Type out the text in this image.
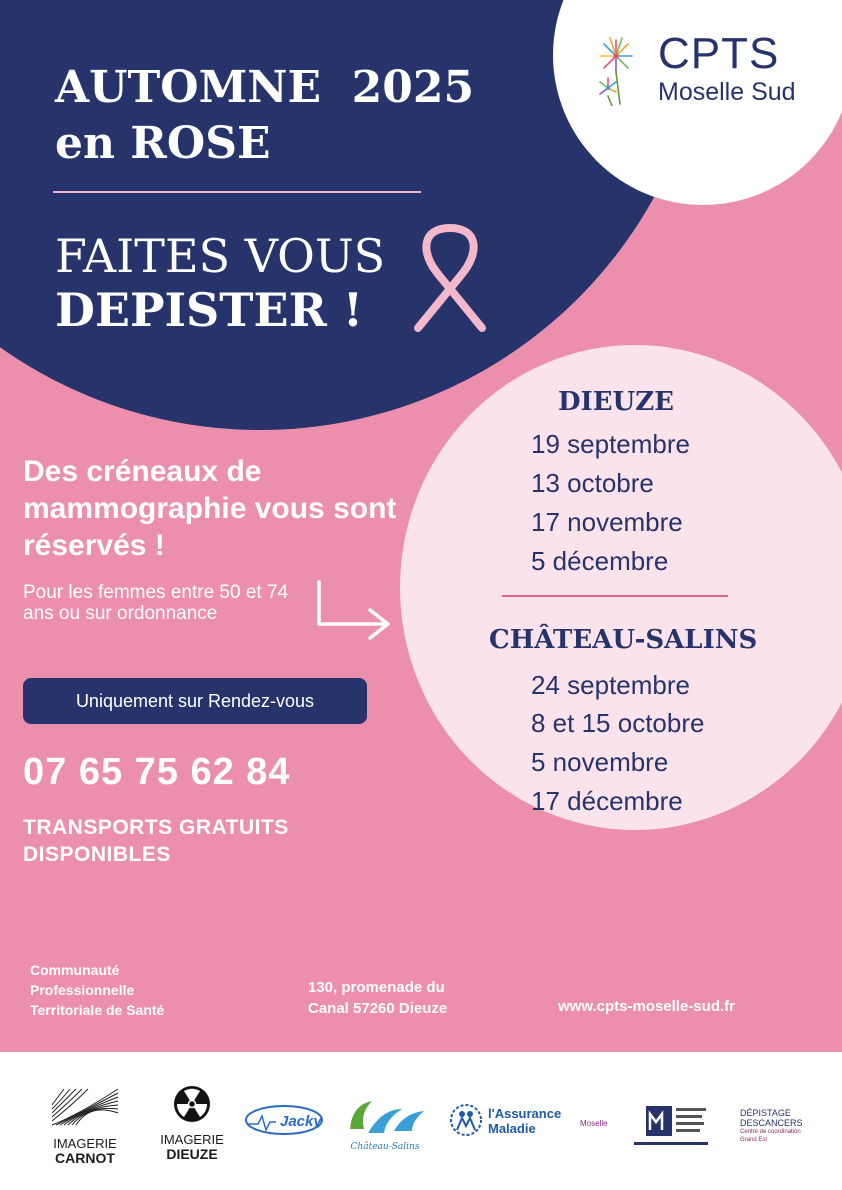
AUTOMNE  2025
en ROSE
FAITES VOUS
DEPISTER !
CPTS
Moselle Sud
Des créneaux de mammographie vous sont réservés !
Pour les femmes entre 50 et 74 ans ou sur ordonnance
Uniquement sur Rendez-vous
07 65 75 62 84
TRANSPORTS GRATUITS DISPONIBLES
DIEUZE
19 septembre
13 octobre
17 novembre
5 décembre
CHÂTEAU-SALINS
24 septembre
8 et 15 octobre
5 novembre
17 décembre
Communauté
Professionnelle
Territoriale de Santé
130, promenade du
Canal 57260 Dieuze	www.cpts-moselle-sud.fr
IMAGERIE
CARNOT
IMAGERIE
DIEUZE
Jacky
Château-Salins
l'Assurance
Maladie	Moselle
DÉPISTAGE
DESCANCERS
Centre de coordination
Grand Est
